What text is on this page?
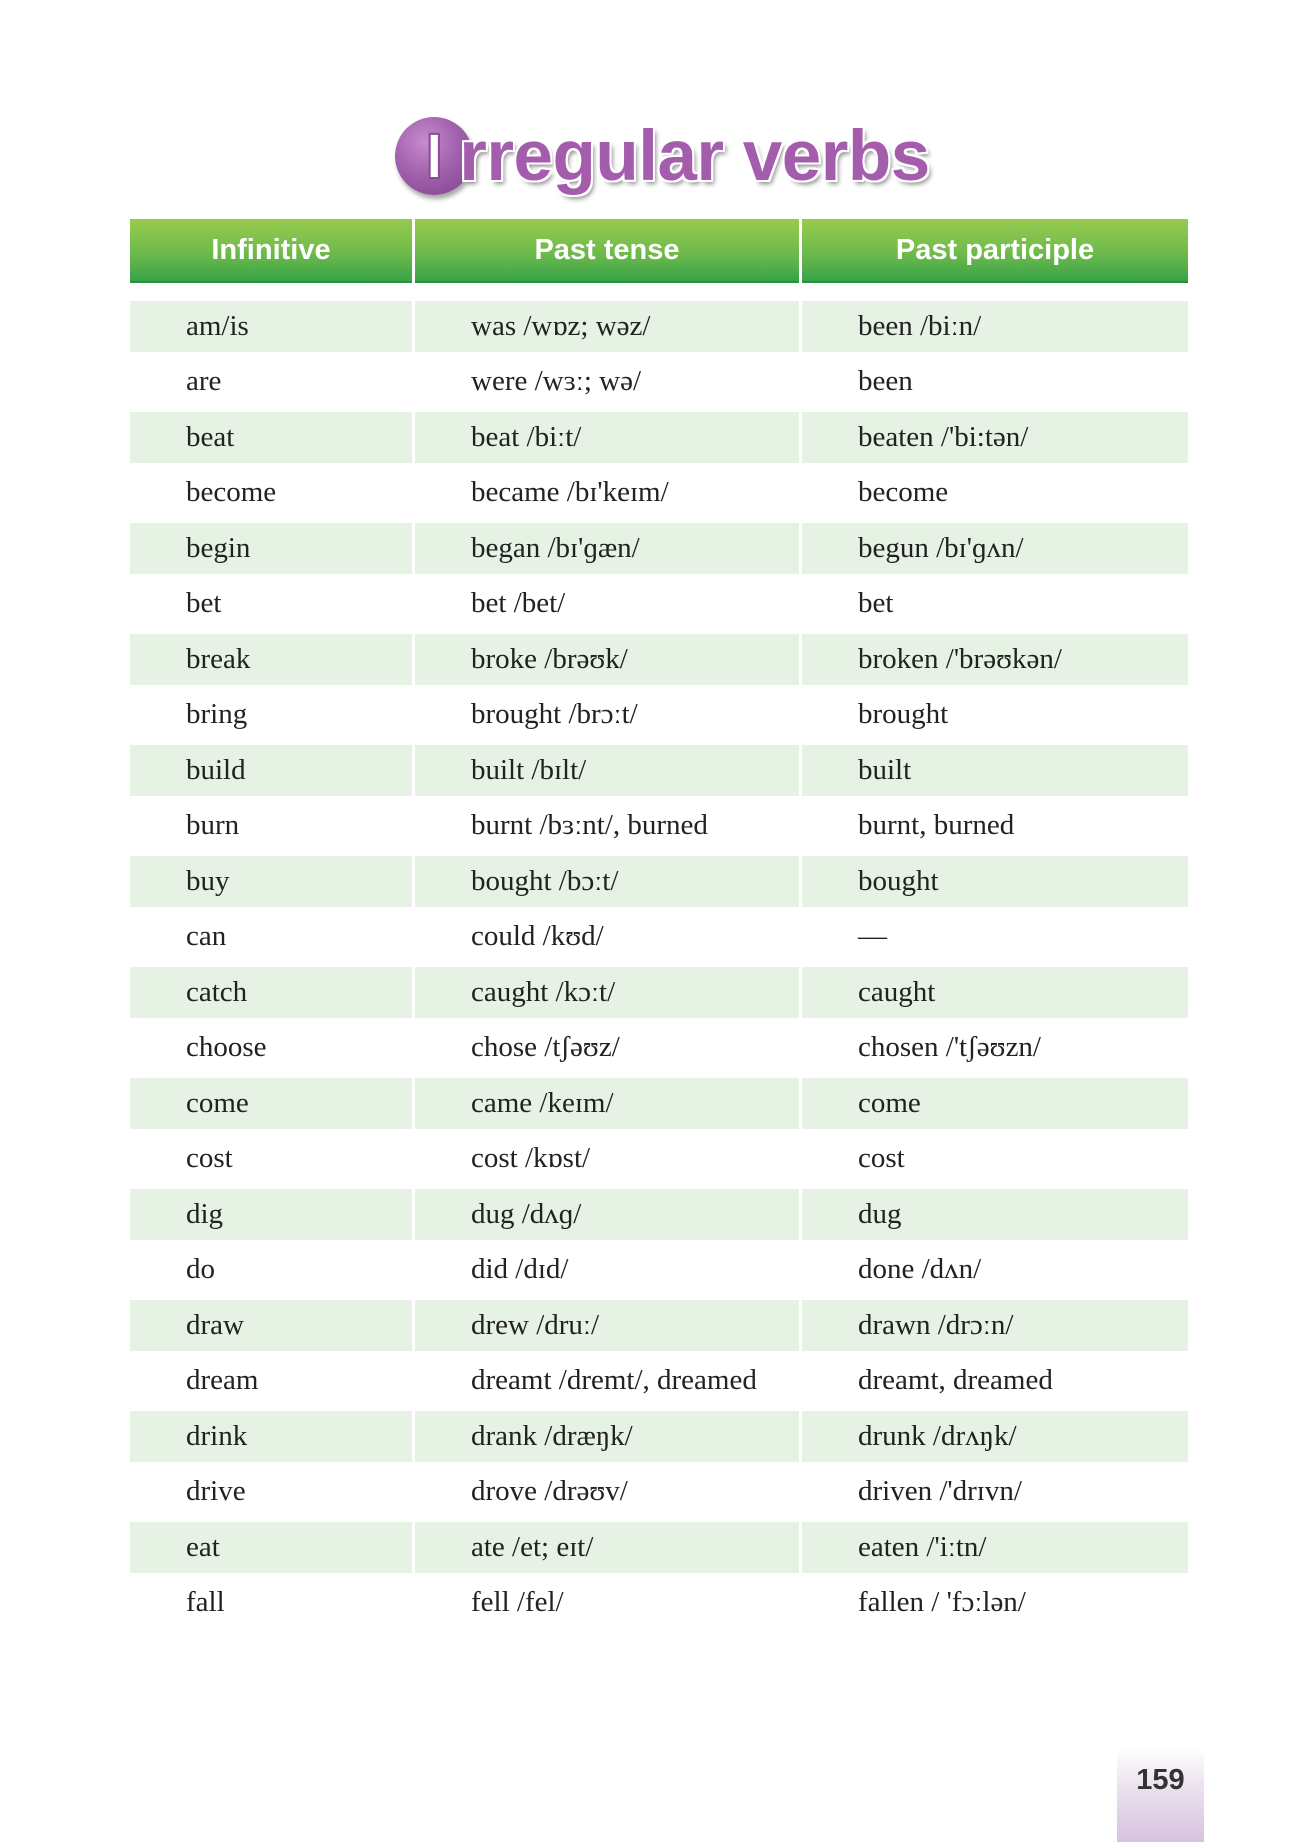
I rregular verbs
Infinitive	Past tense	Past participle
am/is	was /wɒz; wəz/	been /biːn/
are	were /wɜː; wə/	been
beat	beat /biːt/	beaten /'bi:tən/
become	became /bɪ'keɪm/	become
begin	began /bɪ'ɡæn/	begun /bɪ'ɡʌn/
bet	bet /bet/	bet
break	broke /brəʊk/	broken /'brəʊkən/
bring	brought /brɔːt/	brought
build	built /bɪlt/	built
burn	burnt /bɜːnt/, burned	burnt, burned
buy	bought /bɔːt/	bought
can	could /kʊd/	—
catch	caught /kɔːt/	caught
choose	chose /tʃəʊz/	chosen /'tʃəʊzn/
come	came /keɪm/	come
cost	cost /kɒst/	cost
dig	dug /dʌɡ/	dug
do	did /dɪd/	done /dʌn/
draw	drew /druː/	drawn /drɔːn/
dream	dreamt /dremt/, dreamed	dreamt, dreamed
drink	drank /dræŋk/	drunk /drʌŋk/
drive	drove /drəʊv/	driven /'drɪvn/
eat	ate /et; eɪt/	eaten /'iːtn/
fall	fell /fel/	fallen / 'fɔːlən/
159
